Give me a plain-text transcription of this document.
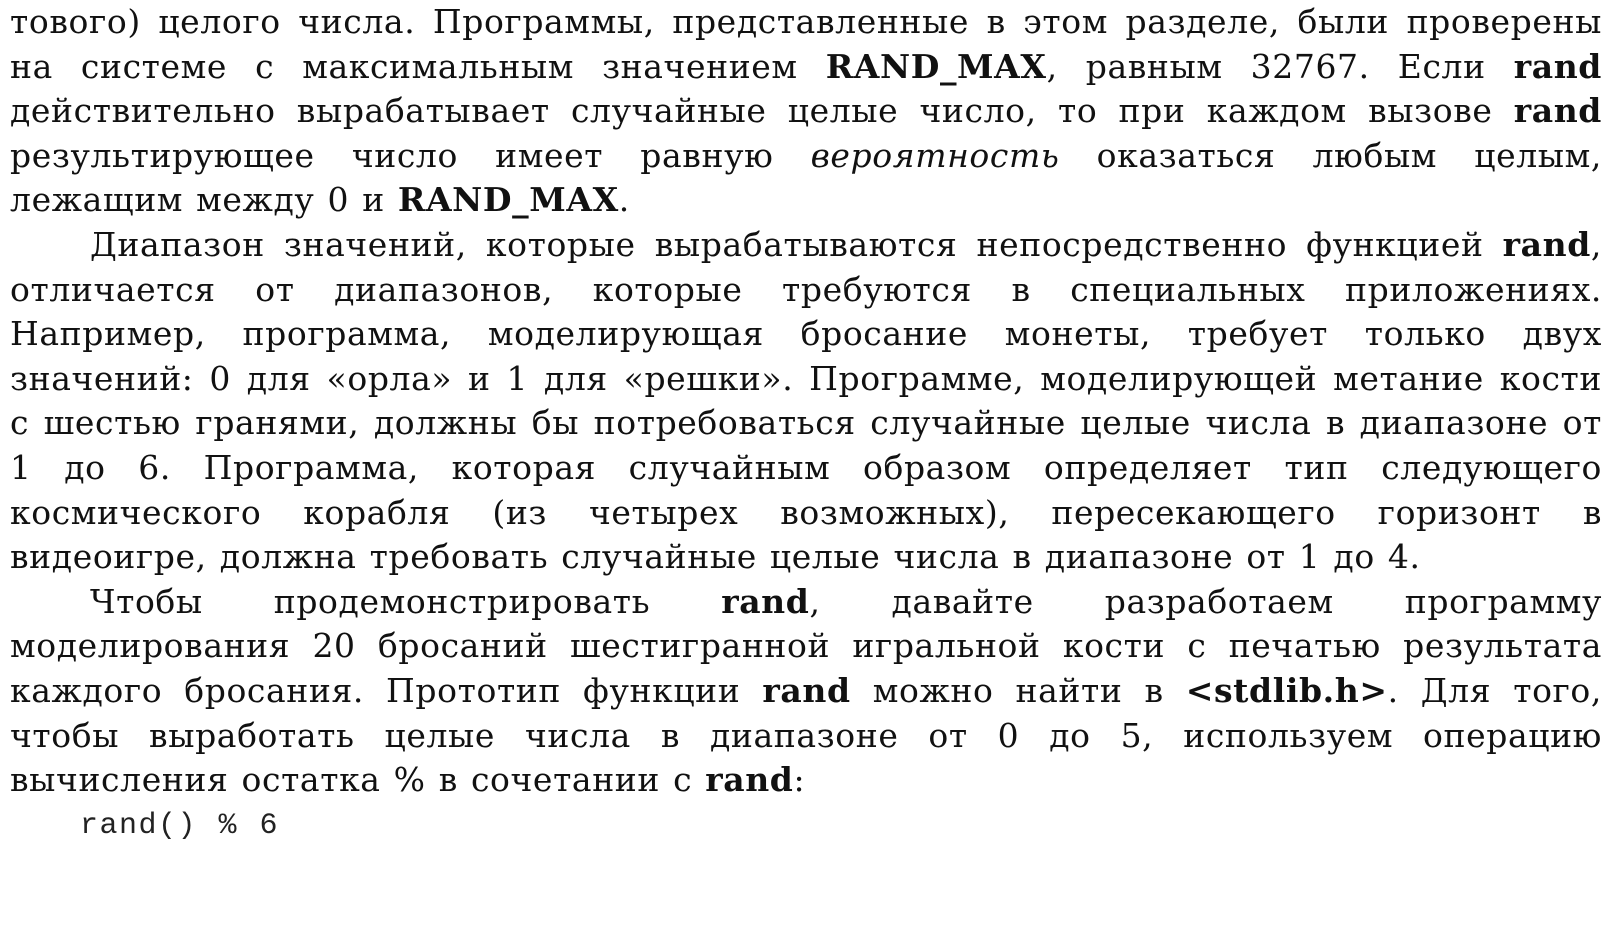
тового) целого числа. Программы, представленные в этом разделе, были проверены на системе с максимальным значением RAND_MAX, равным 32767. Если rand действительно вырабатывает случайные целые число, то при каждом вызове rand результирующее число имеет равную вероятность оказаться любым целым, лежащим между 0 и RAND_MAX.

Диапазон значений, которые вырабатываются непосредственно функцией rand, отличается от диапазонов, которые требуются в специальных приложениях. Например, программа, моделирующая бросание монеты, требует только двух значений: 0 для «орла» и 1 для «решки». Программе, моделирующей метание кости с шестью гранями, должны бы потребоваться случайные целые числа в диапазоне от 1 до 6. Программа, которая случайным образом определяет тип следующего космического корабля (из четырех возможных), пересекающего горизонт в видеоигре, должна требовать случайные целые числа в диапазоне от 1 до 4.

Чтобы продемонстрировать rand, давайте разработаем программу моделирования 20 бросаний шестигранной игральной кости с печатью результата каждого бросания. Прототип функции rand можно найти в <stdlib.h>. Для того, чтобы выработать целые числа в диапазоне от 0 до 5, используем операцию вычисления остатка % в сочетании с rand:

rand() % 6
